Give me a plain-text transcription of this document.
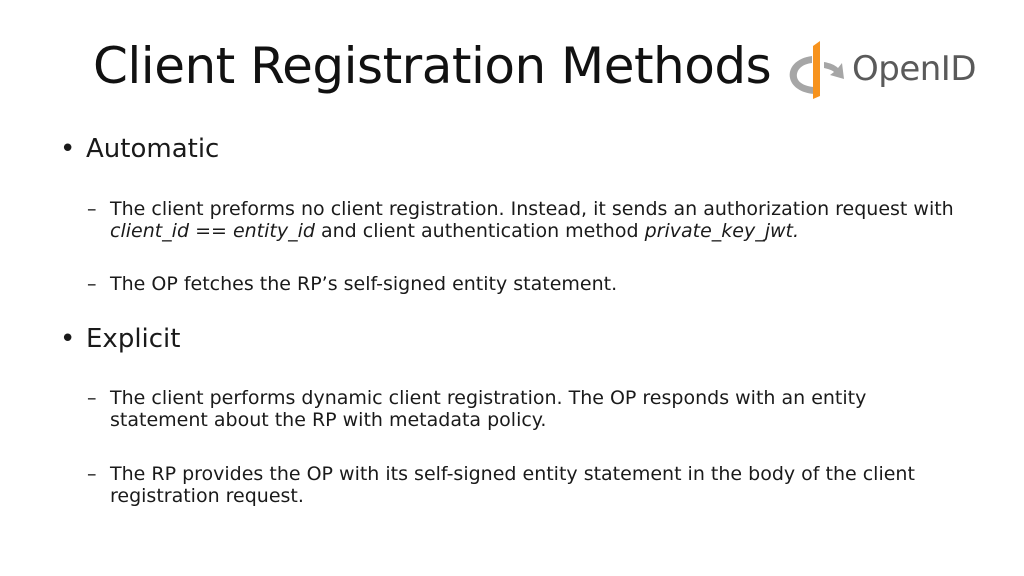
Client Registration Methods OpenID
• Automatic
– The client preforms no client registration. Instead, it sends an authorization request with client_id == entity_id and client authentication method private_key_jwt.
– The OP fetches the RP’s self-signed entity statement.
• Explicit
– The client performs dynamic client registration. The OP responds with an entity statement about the RP with metadata policy.
– The RP provides the OP with its self-signed entity statement in the body of the client registration request.
